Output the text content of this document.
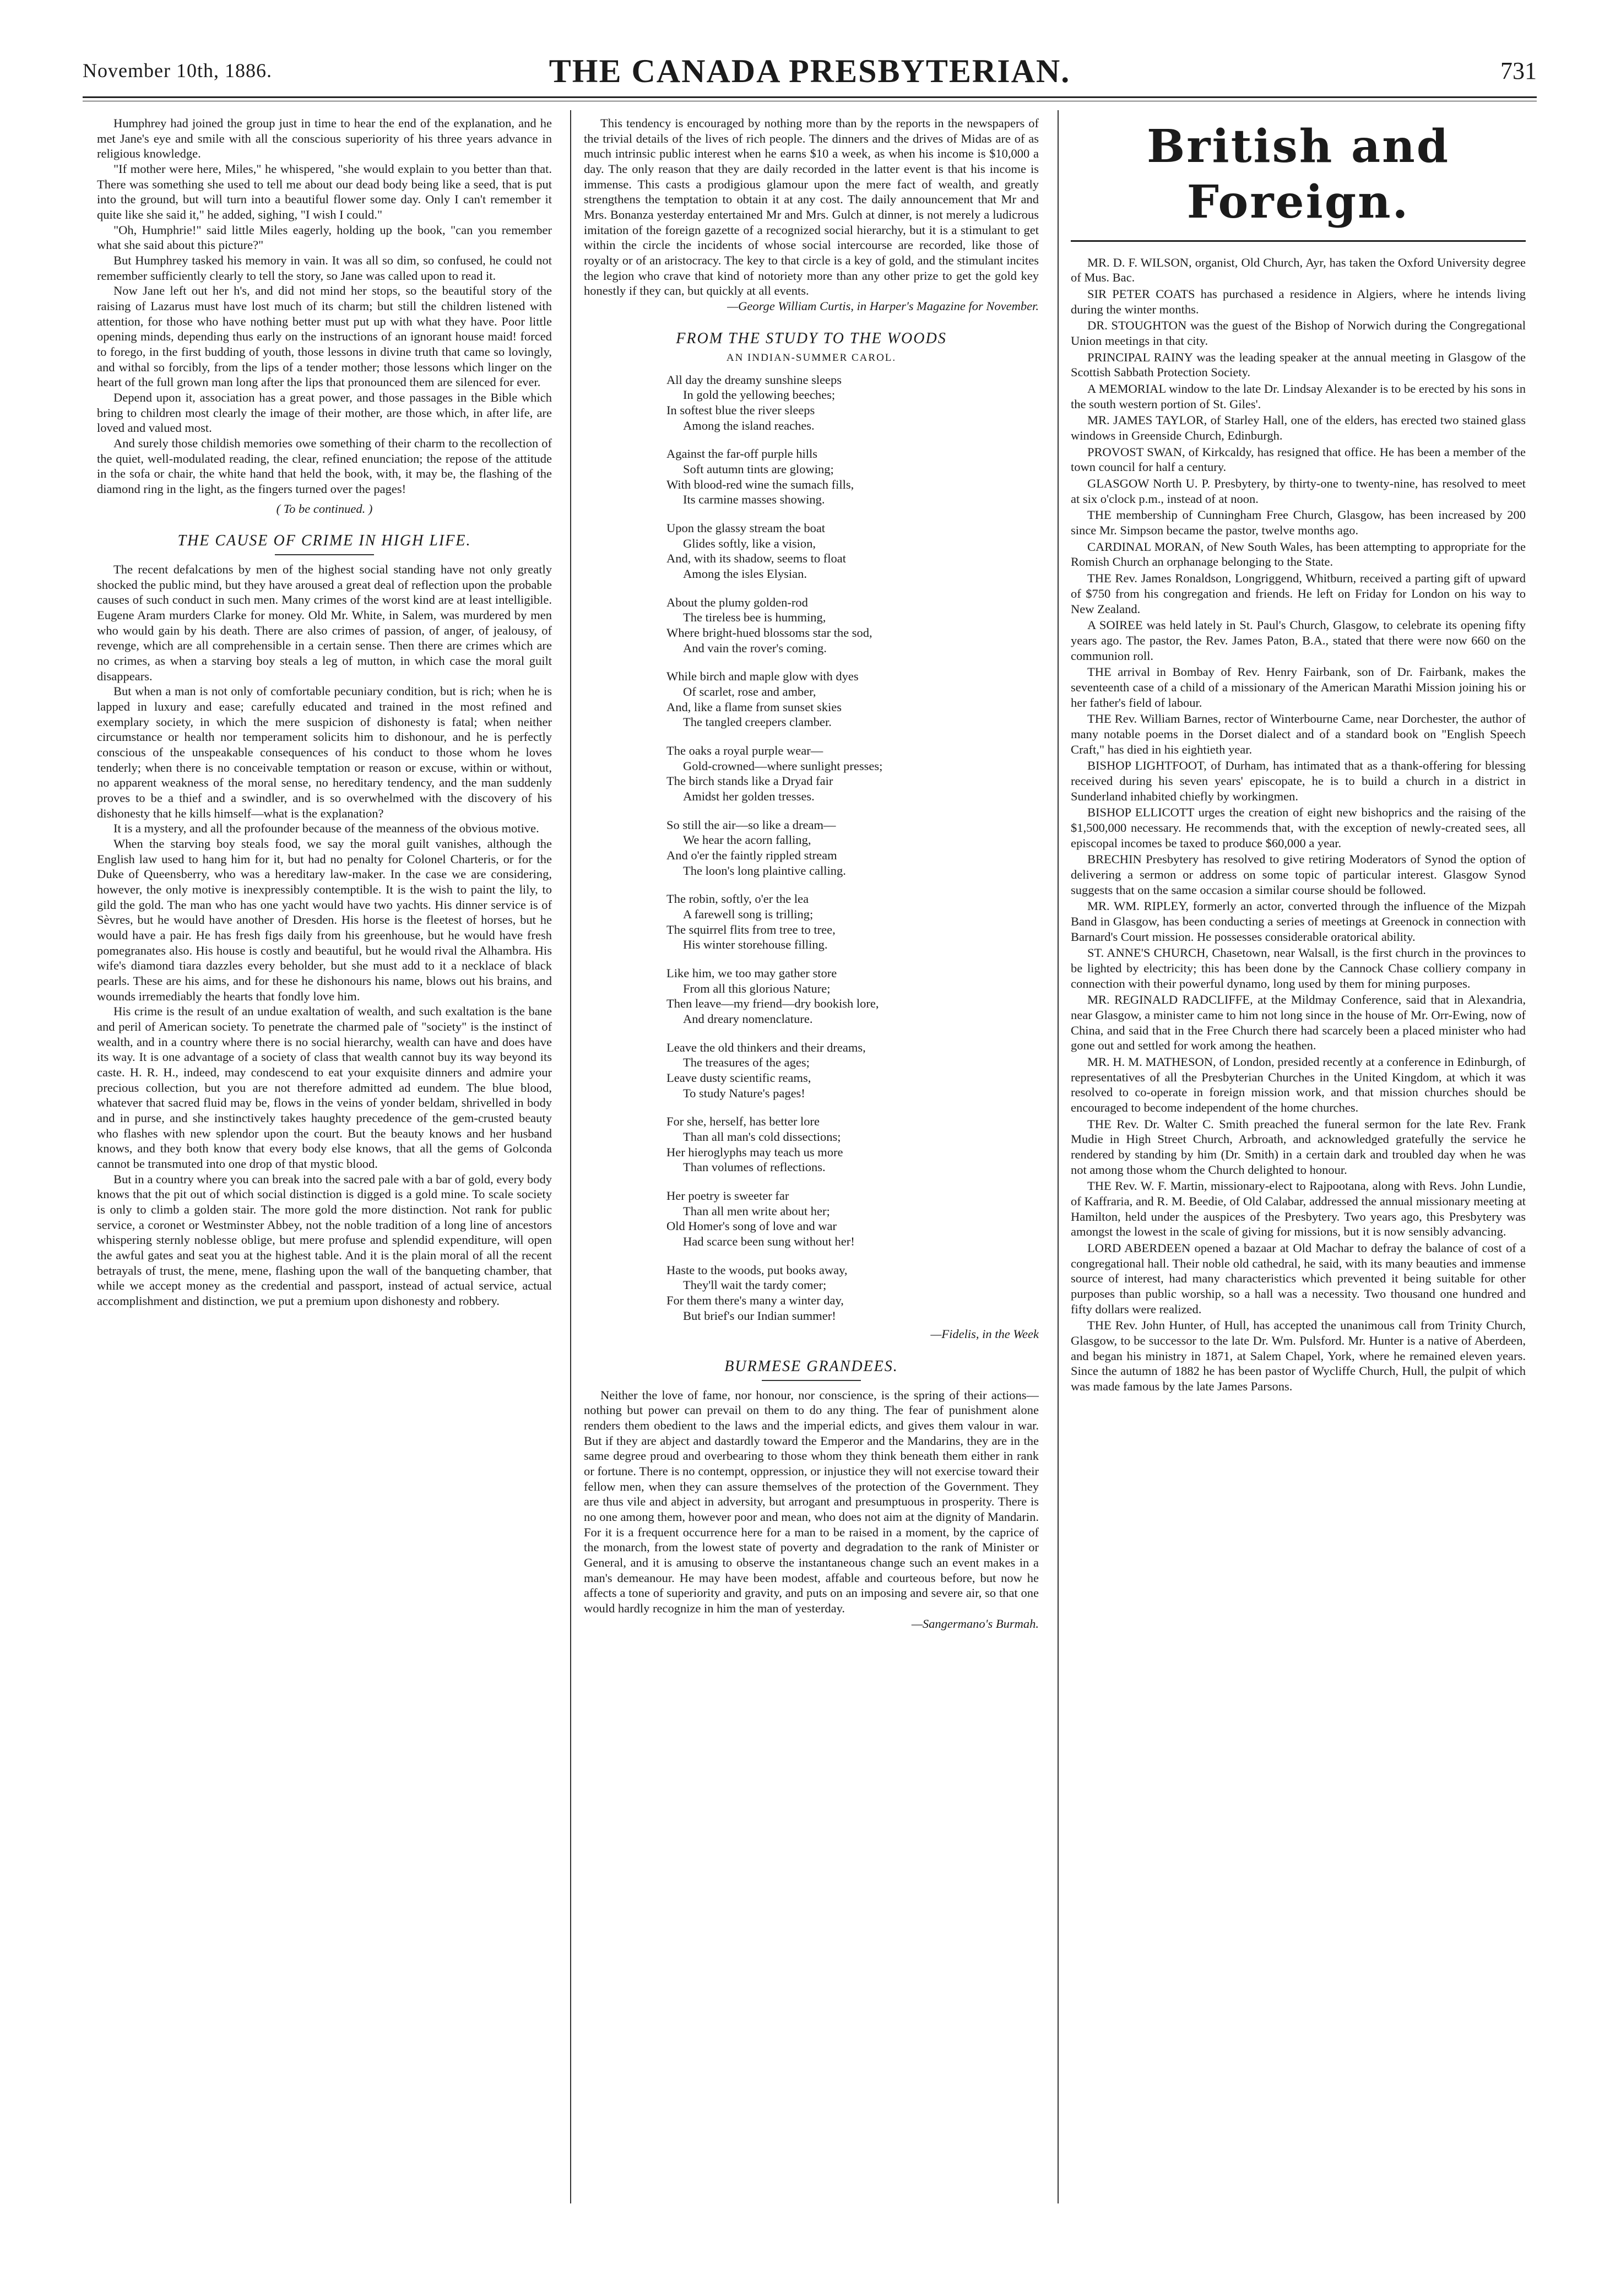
November 10th, 1886.	THE CANADA PRESBYTERIAN.	731

Humphrey had joined the group just in time to hear the end of the explanation, and he met Jane's eye and smile with all the conscious superiority of his three years advance in religious knowledge.

"If mother were here, Miles," he whispered, "she would explain to you better than that. There was something she used to tell me about our dead body being like a seed, that is put into the ground, but will turn into a beautiful flower some day. Only I can't remember it quite like she said it," he added, sighing, "I wish I could."

"Oh, Humphrie!" said little Miles eagerly, holding up the book, "can you remember what she said about this picture?"

But Humphrey tasked his memory in vain. It was all so dim, so confused, he could not remember sufficiently clearly to tell the story, so Jane was called upon to read it.

Now Jane left out her h's, and did not mind her stops, so the beautiful story of the raising of Lazarus must have lost much of its charm; but still the children listened with attention, for those who have nothing better must put up with what they have. Poor little opening minds, depending thus early on the instructions of an ignorant house maid! forced to forego, in the first budding of youth, those lessons in divine truth that came so lovingly, and withal so forcibly, from the lips of a tender mother; those lessons which linger on the heart of the full grown man long after the lips that pronounced them are silenced for ever.

Depend upon it, association has a great power, and those passages in the Bible which bring to children most clearly the image of their mother, are those which, in after life, are loved and valued most.

And surely those childish memories owe something of their charm to the recollection of the quiet, well-modulated reading, the clear, refined enunciation; the repose of the attitude in the sofa or chair, the white hand that held the book, with, it may be, the flashing of the diamond ring in the light, as the fingers turned over the pages!

( To be continued. )

THE CAUSE OF CRIME IN HIGH LIFE.

The recent defalcations by men of the highest social standing have not only greatly shocked the public mind, but they have aroused a great deal of reflection upon the probable causes of such conduct in such men. Many crimes of the worst kind are at least intelligible. Eugene Aram murders Clarke for money. Old Mr. White, in Salem, was murdered by men who would gain by his death. There are also crimes of passion, of anger, of jealousy, of revenge, which are all comprehensible in a certain sense. Then there are crimes which are no crimes, as when a starving boy steals a leg of mutton, in which case the moral guilt disappears.

But when a man is not only of comfortable pecuniary condition, but is rich; when he is lapped in luxury and ease; carefully educated and trained in the most refined and exemplary society, in which the mere suspicion of dishonesty is fatal; when neither circumstance or health nor temperament solicits him to dishonour, and he is perfectly conscious of the unspeakable consequences of his conduct to those whom he loves tenderly; when there is no conceivable temptation or reason or excuse, within or without, no apparent weakness of the moral sense, no hereditary tendency, and the man suddenly proves to be a thief and a swindler, and is so overwhelmed with the discovery of his dishonesty that he kills himself—what is the explanation?

It is a mystery, and all the profounder because of the meanness of the obvious motive.

When the starving boy steals food, we say the moral guilt vanishes, although the English law used to hang him for it, but had no penalty for Colonel Charteris, or for the Duke of Queensberry, who was a hereditary law-maker. In the case we are considering, however, the only motive is inexpressibly contemptible. It is the wish to paint the lily, to gild the gold. The man who has one yacht would have two yachts. His dinner service is of Sèvres, but he would have another of Dresden. His horse is the fleetest of horses, but he would have a pair. He has fresh figs daily from his greenhouse, but he would have fresh pomegranates also. His house is costly and beautiful, but he would rival the Alhambra. His wife's diamond tiara dazzles every beholder, but she must add to it a necklace of black pearls. These are his aims, and for these he dishonours his name, blows out his brains, and wounds irremediably the hearts that fondly love him.

His crime is the result of an undue exaltation of wealth, and such exaltation is the bane and peril of American society. To penetrate the charmed pale of "society" is the instinct of wealth, and in a country where there is no social hierarchy, wealth can have and does have its way. It is one advantage of a society of class that wealth cannot buy its way beyond its caste. H. R. H., indeed, may condescend to eat your exquisite dinners and admire your precious collection, but you are not therefore admitted ad eundem. The blue blood, whatever that sacred fluid may be, flows in the veins of yonder beldam, shrivelled in body and in purse, and she instinctively takes haughty precedence of the gem-crusted beauty who flashes with new splendor upon the court. But the beauty knows and her husband knows, and they both know that every body else knows, that all the gems of Golconda cannot be transmuted into one drop of that mystic blood.

But in a country where you can break into the sacred pale with a bar of gold, every body knows that the pit out of which social distinction is digged is a gold mine. To scale society is only to climb a golden stair. The more gold the more distinction. Not rank for public service, a coronet or Westminster Abbey, not the noble tradition of a long line of ancestors whispering sternly noblesse oblige, but mere profuse and splendid expenditure, will open the awful gates and seat you at the highest table. And it is the plain moral of all the recent betrayals of trust, the mene, mene, flashing upon the wall of the banqueting chamber, that while we accept money as the credential and passport, instead of actual service, actual accomplishment and distinction, we put a premium upon dishonesty and robbery.

This tendency is encouraged by nothing more than by the reports in the newspapers of the trivial details of the lives of rich people. The dinners and the drives of Midas are of as much intrinsic public interest when he earns $10 a week, as when his income is $10,000 a day. The only reason that they are daily recorded in the latter event is that his income is immense. This casts a prodigious glamour upon the mere fact of wealth, and greatly strengthens the temptation to obtain it at any cost. The daily announcement that Mr and Mrs. Bonanza yesterday entertained Mr and Mrs. Gulch at dinner, is not merely a ludicrous imitation of the foreign gazette of a recognized social hierarchy, but it is a stimulant to get within the circle the incidents of whose social intercourse are recorded, like those of royalty or of an aristocracy. The key to that circle is a key of gold, and the stimulant incites the legion who crave that kind of notoriety more than any other prize to get the gold key honestly if they can, but quickly at all events.

—George William Curtis, in Harper's Magazine for November.

FROM THE STUDY TO THE WOODS
AN INDIAN-SUMMER CAROL.
All day the dreamy sunshine sleeps
In gold the yellowing beeches;
In softest blue the river sleeps
Among the island reaches.
Against the far-off purple hills
Soft autumn tints are glowing;
With blood-red wine the sumach fills,
Its carmine masses showing.
Upon the glassy stream the boat
Glides softly, like a vision,
And, with its shadow, seems to float
Among the isles Elysian.
About the plumy golden-rod
The tireless bee is humming,
Where bright-hued blossoms star the sod,
And vain the rover's coming.
While birch and maple glow with dyes
Of scarlet, rose and amber,
And, like a flame from sunset skies
The tangled creepers clamber.
The oaks a royal purple wear—
Gold-crowned—where sunlight presses;
The birch stands like a Dryad fair
Amidst her golden tresses.
So still the air—so like a dream—
We hear the acorn falling,
And o'er the faintly rippled stream
The loon's long plaintive calling.
The robin, softly, o'er the lea
A farewell song is trilling;
The squirrel flits from tree to tree,
His winter storehouse filling.
Like him, we too may gather store
From all this glorious Nature;
Then leave—my friend—dry bookish lore,
And dreary nomenclature.
Leave the old thinkers and their dreams,
The treasures of the ages;
Leave dusty scientific reams,
To study Nature's pages!
For she, herself, has better lore
Than all man's cold dissections;
Her hieroglyphs may teach us more
Than volumes of reflections.
Her poetry is sweeter far
Than all men write about her;
Old Homer's song of love and war
Had scarce been sung without her!
Haste to the woods, put books away,
They'll wait the tardy comer;
For them there's many a winter day,
But brief's our Indian summer!

—Fidelis, in the Week

BURMESE GRANDEES.

Neither the love of fame, nor honour, nor conscience, is the spring of their actions—nothing but power can prevail on them to do any thing. The fear of punishment alone renders them obedient to the laws and the imperial edicts, and gives them valour in war. But if they are abject and dastardly toward the Emperor and the Mandarins, they are in the same degree proud and overbearing to those whom they think beneath them either in rank or fortune. There is no contempt, oppression, or injustice they will not exercise toward their fellow men, when they can assure themselves of the protection of the Government. They are thus vile and abject in adversity, but arrogant and presumptuous in prosperity. There is no one among them, however poor and mean, who does not aim at the dignity of Mandarin. For it is a frequent occurrence here for a man to be raised in a moment, by the caprice of the monarch, from the lowest state of poverty and degradation to the rank of Minister or General, and it is amusing to observe the instantaneous change such an event makes in a man's demeanour. He may have been modest, affable and courteous before, but now he affects a tone of superiority and gravity, and puts on an imposing and severe air, so that one would hardly recognize in him the man of yesterday.

—Sangermano's Burmah.

British and Foreign.

MR. D. F. WILSON, organist, Old Church, Ayr, has taken the Oxford University degree of Mus. Bac.

SIR PETER COATS has purchased a residence in Algiers, where he intends living during the winter months.

DR. STOUGHTON was the guest of the Bishop of Norwich during the Congregational Union meetings in that city.

PRINCIPAL RAINY was the leading speaker at the annual meeting in Glasgow of the Scottish Sabbath Protection Society.

A MEMORIAL window to the late Dr. Lindsay Alexander is to be erected by his sons in the south western portion of St. Giles'.

MR. JAMES TAYLOR, of Starley Hall, one of the elders, has erected two stained glass windows in Greenside Church, Edinburgh.

PROVOST SWAN, of Kirkcaldy, has resigned that office. He has been a member of the town council for half a century.

GLASGOW North U. P. Presbytery, by thirty-one to twenty-nine, has resolved to meet at six o'clock p.m., instead of at noon.

THE membership of Cunningham Free Church, Glasgow, has been increased by 200 since Mr. Simpson became the pastor, twelve months ago.

CARDINAL MORAN, of New South Wales, has been attempting to appropriate for the Romish Church an orphanage belonging to the State.

THE Rev. James Ronaldson, Longriggend, Whitburn, received a parting gift of upward of $750 from his congregation and friends. He left on Friday for London on his way to New Zealand.

A SOIREE was held lately in St. Paul's Church, Glasgow, to celebrate its opening fifty years ago. The pastor, the Rev. James Paton, B.A., stated that there were now 660 on the communion roll.

THE arrival in Bombay of Rev. Henry Fairbank, son of Dr. Fairbank, makes the seventeenth case of a child of a missionary of the American Marathi Mission joining his or her father's field of labour.

THE Rev. William Barnes, rector of Winterbourne Came, near Dorchester, the author of many notable poems in the Dorset dialect and of a standard book on "English Speech Craft," has died in his eightieth year.

BISHOP LIGHTFOOT, of Durham, has intimated that as a thank-offering for blessing received during his seven years' episcopate, he is to build a church in a district in Sunderland inhabited chiefly by workingmen.

BISHOP ELLICOTT urges the creation of eight new bishoprics and the raising of the $1,500,000 necessary. He recommends that, with the exception of newly-created sees, all episcopal incomes be taxed to produce $60,000 a year.

BRECHIN Presbytery has resolved to give retiring Moderators of Synod the option of delivering a sermon or address on some topic of particular interest. Glasgow Synod suggests that on the same occasion a similar course should be followed.

MR. WM. RIPLEY, formerly an actor, converted through the influence of the Mizpah Band in Glasgow, has been conducting a series of meetings at Greenock in connection with Barnard's Court mission. He possesses considerable oratorical ability.

ST. ANNE'S CHURCH, Chasetown, near Walsall, is the first church in the provinces to be lighted by electricity; this has been done by the Cannock Chase colliery company in connection with their powerful dynamo, long used by them for mining purposes.

MR. REGINALD RADCLIFFE, at the Mildmay Conference, said that in Alexandria, near Glasgow, a minister came to him not long since in the house of Mr. Orr-Ewing, now of China, and said that in the Free Church there had scarcely been a placed minister who had gone out and settled for work among the heathen.

MR. H. M. MATHESON, of London, presided recently at a conference in Edinburgh, of representatives of all the Presbyterian Churches in the United Kingdom, at which it was resolved to co-operate in foreign mission work, and that mission churches should be encouraged to become independent of the home churches.

THE Rev. Dr. Walter C. Smith preached the funeral sermon for the late Rev. Frank Mudie in High Street Church, Arbroath, and acknowledged gratefully the service he rendered by standing by him (Dr. Smith) in a certain dark and troubled day when he was not among those whom the Church delighted to honour.

THE Rev. W. F. Martin, missionary-elect to Rajpootana, along with Revs. John Lundie, of Kaffraria, and R. M. Beedie, of Old Calabar, addressed the annual missionary meeting at Hamilton, held under the auspices of the Presbytery. Two years ago, this Presbytery was amongst the lowest in the scale of giving for missions, but it is now sensibly advancing.

LORD ABERDEEN opened a bazaar at Old Machar to defray the balance of cost of a congregational hall. Their noble old cathedral, he said, with its many beauties and immense source of interest, had many characteristics which prevented it being suitable for other purposes than public worship, so a hall was a necessity. Two thousand one hundred and fifty dollars were realized.

THE Rev. John Hunter, of Hull, has accepted the unanimous call from Trinity Church, Glasgow, to be successor to the late Dr. Wm. Pulsford. Mr. Hunter is a native of Aberdeen, and began his ministry in 1871, at Salem Chapel, York, where he remained eleven years. Since the autumn of 1882 he has been pastor of Wycliffe Church, Hull, the pulpit of which was made famous by the late James Parsons.
